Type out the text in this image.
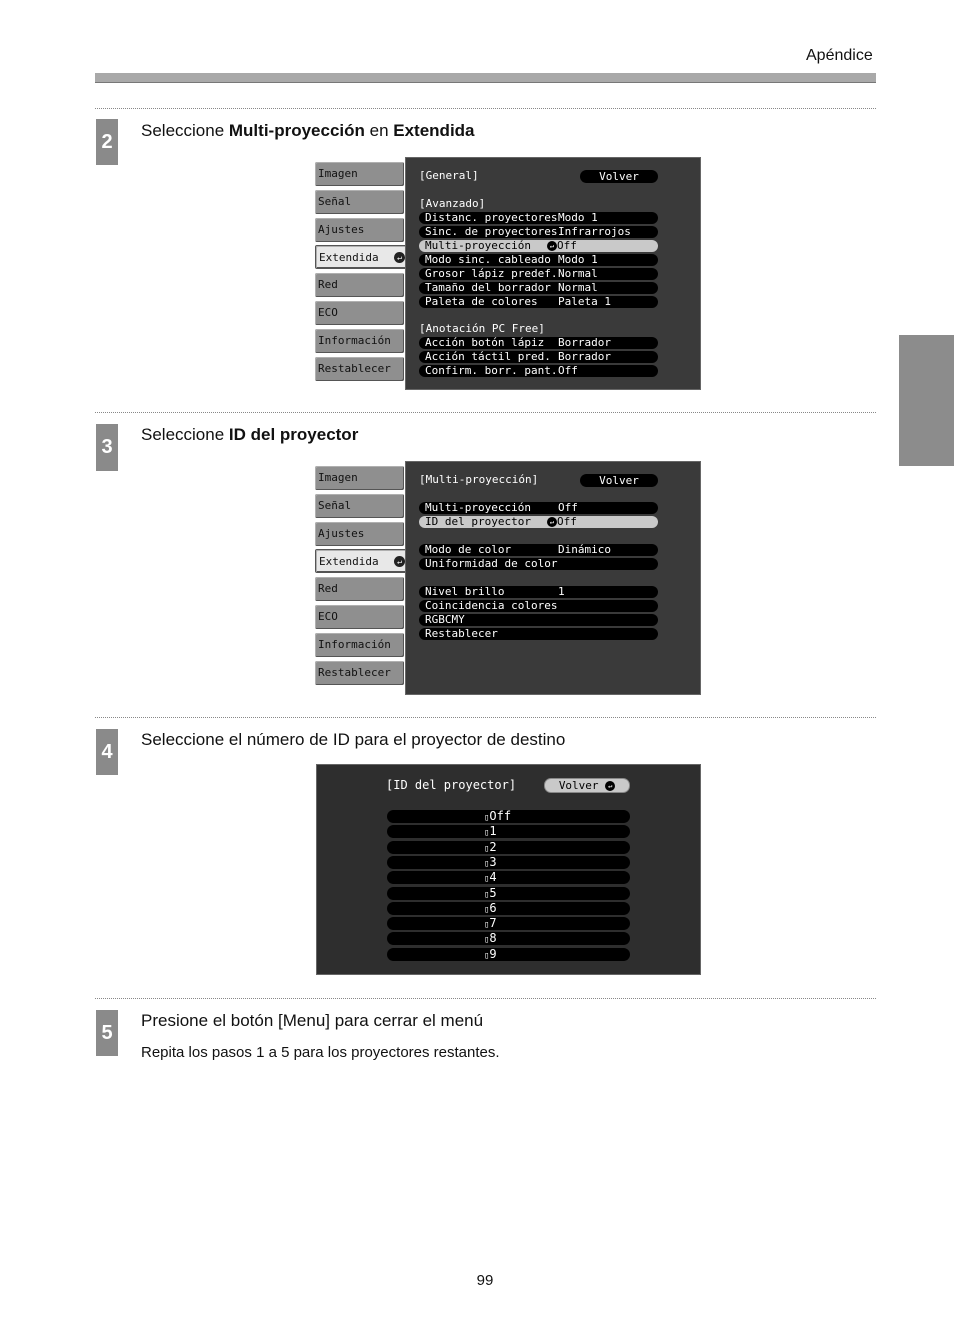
Apéndice
2	Seleccione Multi-proyección en Extendida
Imagen
Señal
Ajustes
Extendida	↵
Red
ECO
Información
Restablecer
[General]	Volver
[Avanzado]
Distanc. proyectores Modo 1
Sinc. de proyectores Infrarrojos
Multi-proyección	↵ Off
Modo sinc. cableado Modo 1
Grosor lápiz predef. Normal
Tamaño del borrador Normal
Paleta de colores Paleta 1
[Anotación PC Free]
Acción botón lápiz Borrador
Acción táctil pred. Borrador
Confirm. borr. pant. Off
3
Seleccione ID del proyector
Imagen
Señal
Ajustes
Extendida	↵
Red
ECO
Información
Restablecer
[Multi-proyección]	Volver
Multi-proyección Off
ID del proyector	↵ Off
Modo de color	Dinámico
Uniformidad de color
Nivel brillo	1
Coincidencia colores
RGBCMY
Restablecer
4
Seleccione el número de ID para el proyector de destino
[ID del proyector]	Volver ↵
▯Off
▯1
▯2
▯3
▯4
▯5
▯6
▯7
▯8
▯9
5
Presione el botón [Menu] para cerrar el menú
Repita los pasos 1 a 5 para los proyectores restantes.
99
